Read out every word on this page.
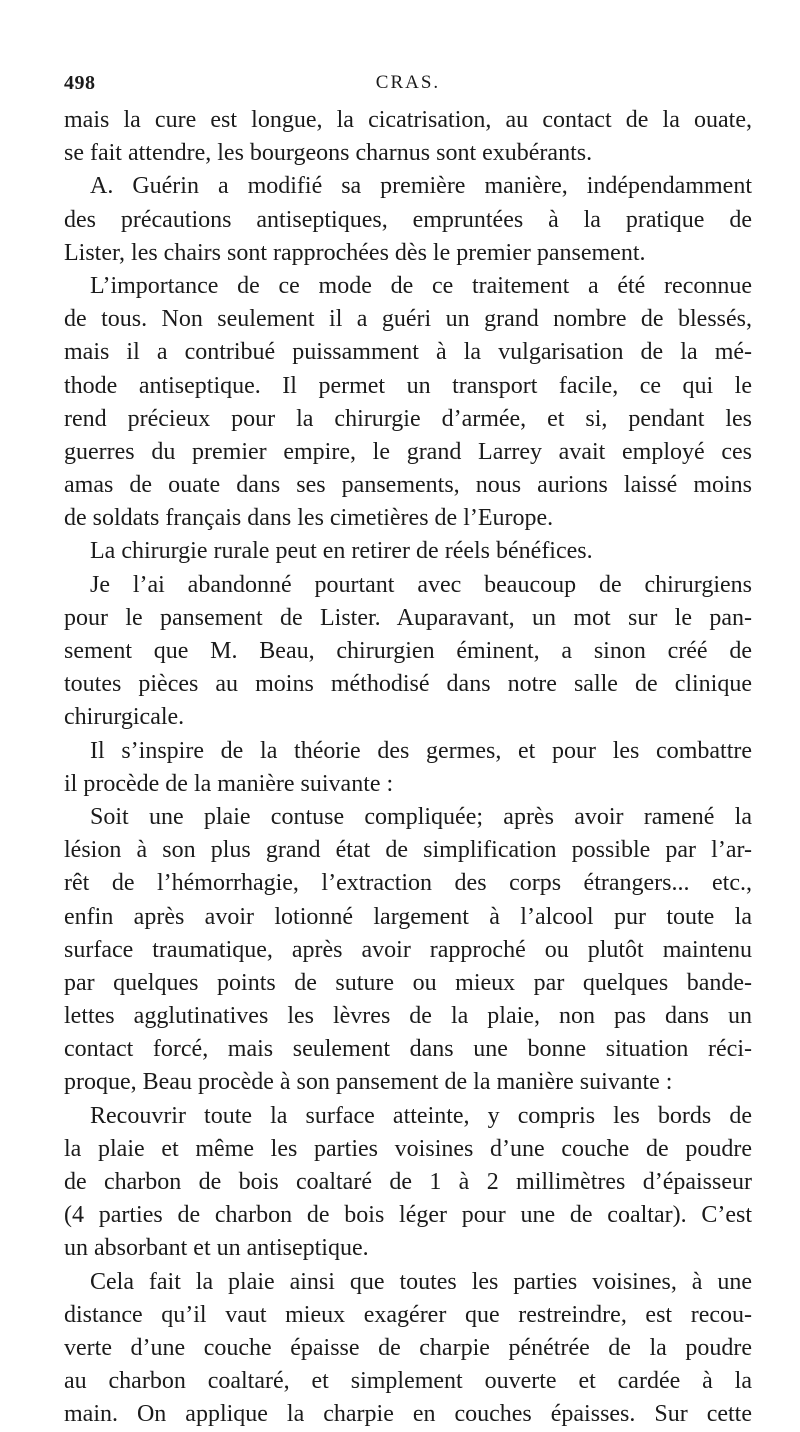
498	CRAS.
mais la cure est longue, la cicatrisation, au contact de la ouate,
se fait attendre, les bourgeons charnus sont exubérants.
A. Guérin a modifié sa première manière, indépendamment
des précautions antiseptiques, empruntées à la pratique de
Lister, les chairs sont rapprochées dès le premier pansement.
L’importance de ce mode de ce traitement a été reconnue
de tous. Non seulement il a guéri un grand nombre de blessés,
mais il a contribué puissamment à la vulgarisation de la mé-
thode antiseptique. Il permet un transport facile, ce qui le
rend précieux pour la chirurgie d’armée, et si, pendant les
guerres du premier empire, le grand Larrey avait employé ces
amas de ouate dans ses pansements, nous aurions laissé moins
de soldats français dans les cimetières de l’Europe.
La chirurgie rurale peut en retirer de réels bénéfices.
Je l’ai abandonné pourtant avec beaucoup de chirurgiens
pour le pansement de Lister. Auparavant, un mot sur le pan-
sement que M. Beau, chirurgien éminent, a sinon créé de
toutes pièces au moins méthodisé dans notre salle de clinique
chirurgicale.
Il s’inspire de la théorie des germes, et pour les combattre
il procède de la manière suivante :
Soit une plaie contuse compliquée; après avoir ramené la
lésion à son plus grand état de simplification possible par l’ar-
rêt de l’hémorrhagie, l’extraction des corps étrangers... etc.,
enfin après avoir lotionné largement à l’alcool pur toute la
surface traumatique, après avoir rapproché ou plutôt maintenu
par quelques points de suture ou mieux par quelques bande-
lettes agglutinatives les lèvres de la plaie, non pas dans un
contact forcé, mais seulement dans une bonne situation réci-
proque, Beau procède à son pansement de la manière suivante :
Recouvrir toute la surface atteinte, y compris les bords de
la plaie et même les parties voisines d’une couche de poudre
de charbon de bois coaltaré de 1 à 2 millimètres d’épaisseur
(4 parties de charbon de bois léger pour une de coaltar). C’est
un absorbant et un antiseptique.
Cela fait la plaie ainsi que toutes les parties voisines, à une
distance qu’il vaut mieux exagérer que restreindre, est recou-
verte d’une couche épaisse de charpie pénétrée de la poudre
au charbon coaltaré, et simplement ouverte et cardée à la
main. On applique la charpie en couches épaisses. Sur cette
